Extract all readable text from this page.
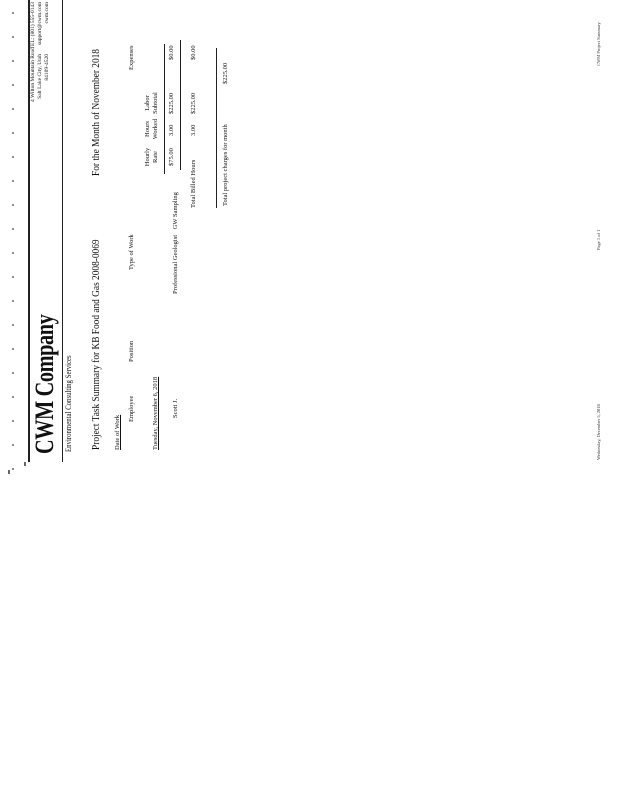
CWM Company Environmental Consulting Services
4 Wilton Mountain Road Salt Lake City, Utah 84109-4520
TEL: (801) 555-0143 support@cwm.com cwm.com
Project Task Summary for KB Food and Gas 2008-0069
For the Month of November 2018
Date of Work
Employee
Position
Type of Work
Hourly Rate
Hours Worked
Labor Subtotal
Expenses
Tuesday, November 6, 2018 Scott J.
Professional Geologist GW Sampling
$75.00
3.00
$225.00
$0.00
Total Billed Hours
3.00
$225.00
$0.00
Total project charges for month
$225.00
Wednesday, December 5, 2018
Page 1 of 1
CWM Project Summary
